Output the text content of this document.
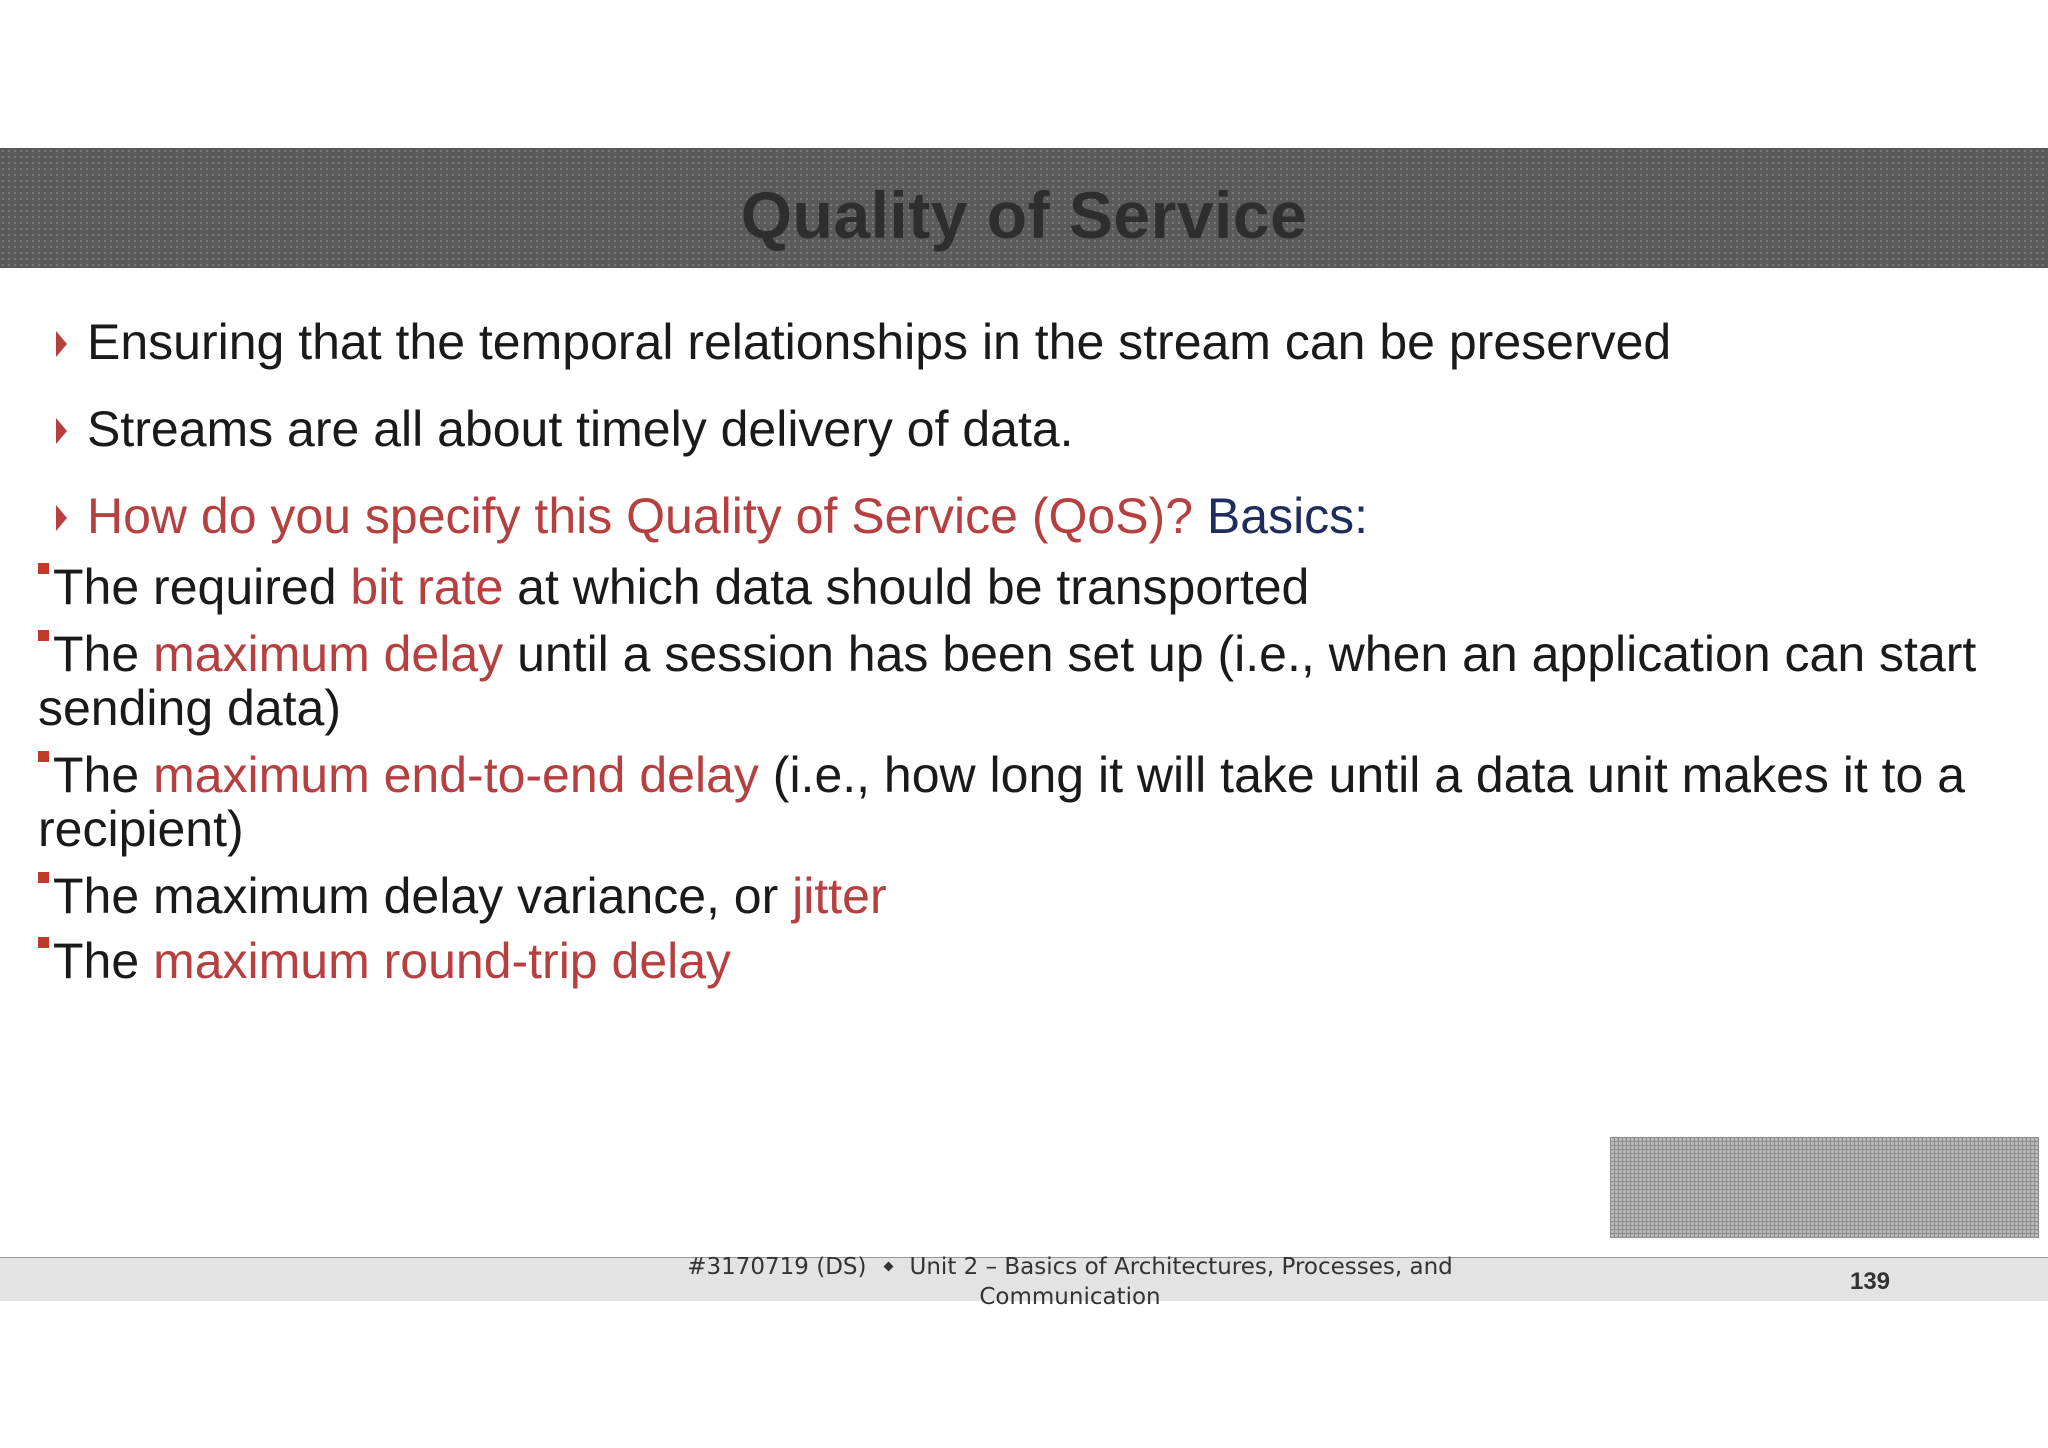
Quality of Service
Ensuring that the temporal relationships in the stream can be preserved
Streams are all about timely delivery of data.
How do you specify this Quality of Service (QoS)? Basics:
The required bit rate at which data should be transported
The maximum delay until a session has been set up (i.e., when an application can start sending data)
The maximum end-to-end delay (i.e., how long it will take until a data unit makes it to a recipient)
The maximum delay variance, or jitter
The maximum round-trip delay
#3170719 (DS) Unit 2 – Basics of Architectures, Processes, and
Communication
139
